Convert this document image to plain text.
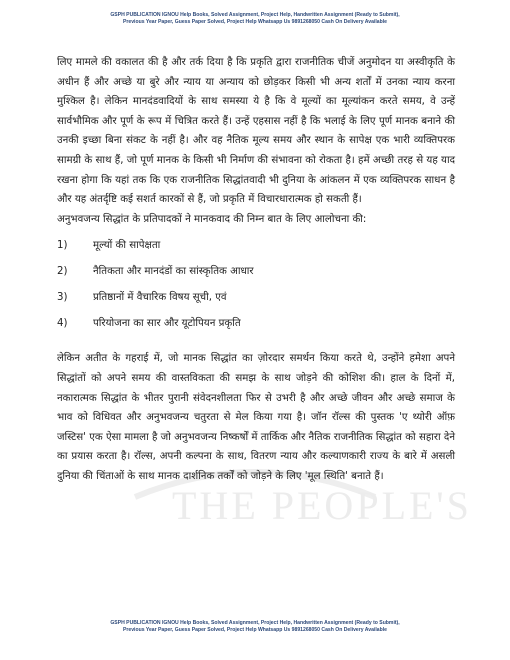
GSPH PUBLICATION IGNOU Help Books, Solved Assignment, Project Help, Handwritten Assignment (Ready to Submit),
Previous Year Paper, Guess Paper Solved, Project Help Whatsapp Us 9891268050 Cash On Delivery Available
THE PEOPLE'S

लिए मामले की वकालत की है और तर्क दिया है कि प्रकृति द्वारा राजनीतिक चीजें अनुमोदन या अस्वीकृति के अधीन हैं और अच्छे या बुरे और न्याय या अन्याय को छोड़कर किसी भी अन्य शर्तों में उनका न्याय करना मुश्किल है। लेकिन मानदंडवादियों के साथ समस्या ये है कि वे मूल्यों का मूल्यांकन करते समय, वे उन्हें सार्वभौमिक और पूर्ण के रूप में चित्रित करते हैं। उन्हें एहसास नहीं है कि भलाई के लिए पूर्ण मानक बनाने की उनकी इच्छा बिना संकट के नहीं है। और वह नैतिक मूल्य समय और स्थान के सापेक्ष एक भारी व्यक्तिपरक सामग्री के साथ हैं, जो पूर्ण मानक के किसी भी निर्माण की संभावना को रोकता है। हमें अच्छी तरह से यह याद रखना होगा कि यहां तक कि एक राजनीतिक सिद्धांतवादी भी दुनिया के आंकलन में एक व्यक्तिपरक साधन है और यह अंतर्दृष्टि कई सशर्त कारकों से हैं, जो प्रकृति में विचारधारात्मक हो सकती हैं।

अनुभवजन्य सिद्धांत के प्रतिपादकों ने मानकवाद की निम्न बात के लिए आलोचना की:

1)	मूल्यों की सापेक्षता
2)	नैतिकता और मानदंडों का सांस्कृतिक आधार
3)	प्रतिष्ठानों में वैचारिक विषय सूची, एवं
4)	परियोजना का सार और यूटोपियन प्रकृति

लेकिन अतीत के गहराई में, जो मानक सिद्धांत का ज़ोरदार समर्थन किया करते थे, उन्होंने हमेशा अपने सिद्धांतों को अपने समय की वास्तविकता की समझ के साथ जोड़ने की कोशिश की। हाल के दिनों में, नकारात्मक सिद्धांत के भीतर पुरानी संवेदनशीलता फिर से उभरी है और अच्छे जीवन और अच्छे समाज के भाव को विधिवत और अनुभवजन्य चतुरता से मेल किया गया है। जॉन रॉल्स की पुस्तक 'ए थ्योरी ऑफ़ जस्टिस' एक ऐसा मामला है जो अनुभवजन्य निष्कर्षों में तार्किक और नैतिक राजनीतिक सिद्धांत को सहारा देने का प्रयास करता है। रॉल्स, अपनी कल्पना के साथ, वितरण न्याय और कल्याणकारी राज्य के बारे में असली दुनिया की चिंताओं के साथ मानक दार्शनिक तर्कों को जोड़ने के लिए 'मूल स्थिति' बनाते हैं।

GSPH PUBLICATION IGNOU Help Books, Solved Assignment, Project Help, Handwritten Assignment (Ready to Submit),
Previous Year Paper, Guess Paper Solved, Project Help Whatsapp Us 9891268050 Cash On Delivery Available
